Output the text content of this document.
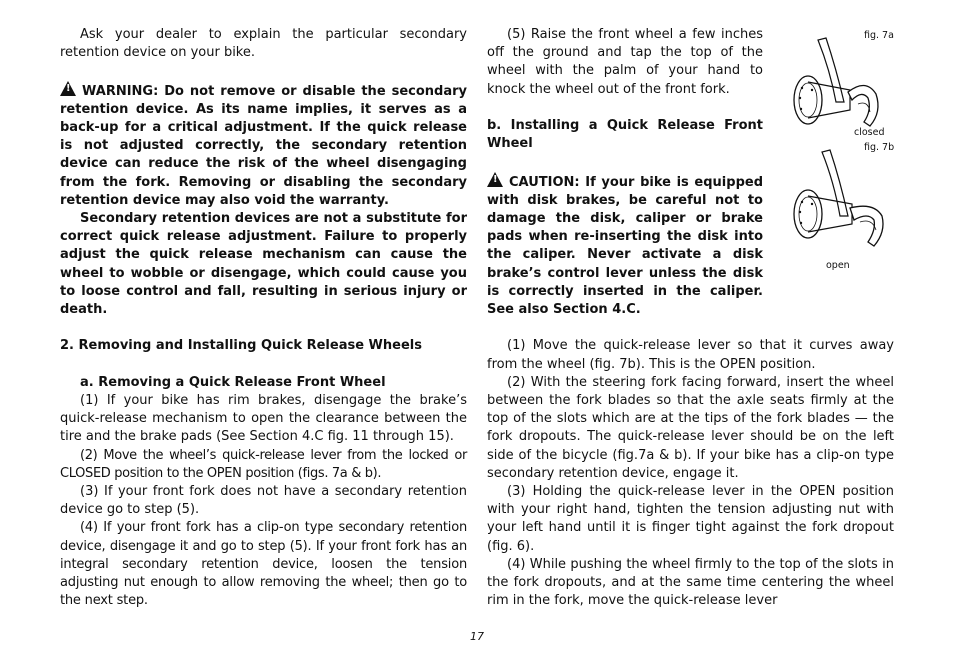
Ask your dealer to explain the particular secondary retention device on your bike.

!WARNING: Do not remove or disable the secondary retention device. As its name implies, it serves as a back-up for a critical adjustment. If the quick release is not adjusted correctly, the secondary retention device can reduce the risk of the wheel disengaging from the fork. Removing or disabling the secondary retention device may also void the warranty.

Secondary retention devices are not a substitute for correct quick release adjustment. Failure to properly adjust the quick release mechanism can cause the wheel to wobble or disengage, which could cause you to loose control and fall, resulting in serious injury or death.

2. Removing and Installing Quick Release Wheels

a. Removing a Quick Release Front Wheel

(1) If your bike has rim brakes, disengage the brake’s quick-release mechanism to open the clearance between the tire and the brake pads (See Section 4.C fig. 11 through 15).

(2) Move the wheel’s quick-release lever from the locked or CLOSED position to the OPEN position (figs. 7a & b).

(3) If your front fork does not have a secondary retention device go to step (5).

(4) If your front fork has a clip-on type secondary retention device, disengage it and go to step (5). If your front fork has an integral secondary retention device, loosen the tension adjusting nut enough to allow removing the wheel; then go to the next step.

(5) Raise the front wheel a few inches off the ground and tap the top of the wheel with the palm of your hand to knock the wheel out of the front fork.

b. Installing a Quick Release Front Wheel

!CAUTION: If your bike is equipped with disk brakes, be careful not to damage the disk, caliper or brake pads when re-inserting the disk into the caliper. Never activate a disk brake’s control lever unless the disk is correctly inserted in the caliper. See also Section 4.C.

(1) Move the quick-release lever so that it curves away from the wheel (fig. 7b). This is the OPEN position.

(2) With the steering fork facing forward, insert the wheel between the fork blades so that the axle seats firmly at the top of the slots which are at the tips of the fork blades — the fork dropouts. The quick-release lever should be on the left side of the bicycle (fig.7a & b). If your bike has a clip-on type secondary retention device, engage it.

(3) Holding the quick-release lever in the OPEN position with your right hand, tighten the tension adjusting nut with your left hand until it is finger tight against the fork dropout (fig. 6).

(4) While pushing the wheel firmly to the top of the slots in the fork dropouts, and at the same time centering the wheel rim in the fork, move the quick-release lever

fig. 7a
closed
fig. 7b
open
17
